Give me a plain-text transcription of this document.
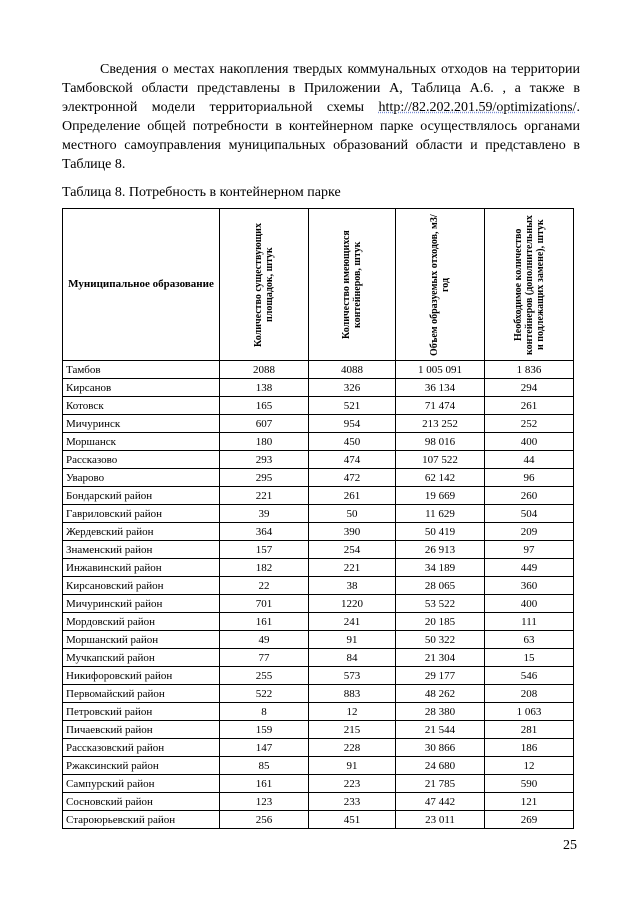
Сведения о местах накопления твердых коммунальных отходов на территории Тамбовской области представлены в Приложении А, Таблица А.6. , а также в электронной модели территориальной схемы http://82.202.201.59/optimizations/. Определение общей потребности в контейнерном парке осуществлялось органами местного самоуправления муниципальных образований области и представлено в Таблице 8.

Таблица 8. Потребность в контейнерном парке
Муниципальное образование	Количество существующих площадок, штук	Количество имеющихся контейнеров, штук	Объем образуемых отходов, м3/год	Необходимое количество контейнеров (дополнительных и подлежащих замене), штук

Тамбов	2088	4088	1 005 091	1 836
Кирсанов	138	326	36 134	294
Котовск	165	521	71 474	261
Мичуринск	607	954	213 252	252
Моршанск	180	450	98 016	400
Рассказово	293	474	107 522	44
Уварово	295	472	62 142	96
Бондарский район	221	261	19 669	260
Гавриловский район	39	50	11 629	504
Жердевский район	364	390	50 419	209
Знаменский район	157	254	26 913	97
Инжавинский район	182	221	34 189	449
Кирсановский район	22	38	28 065	360
Мичуринский район	701	1220	53 522	400
Мордовский район	161	241	20 185	111
Моршанский район	49	91	50 322	63
Мучкапский район	77	84	21 304	15
Никифоровский район	255	573	29 177	546
Первомайский район	522	883	48 262	208
Петровский район	8	12	28 380	1 063
Пичаевский район	159	215	21 544	281
Рассказовский район	147	228	30 866	186
Ржаксинский район	85	91	24 680	12
Сампурский район	161	223	21 785	590
Сосновский район	123	233	47 442	121
Староюрьевский район	256	451	23 011	269
25
